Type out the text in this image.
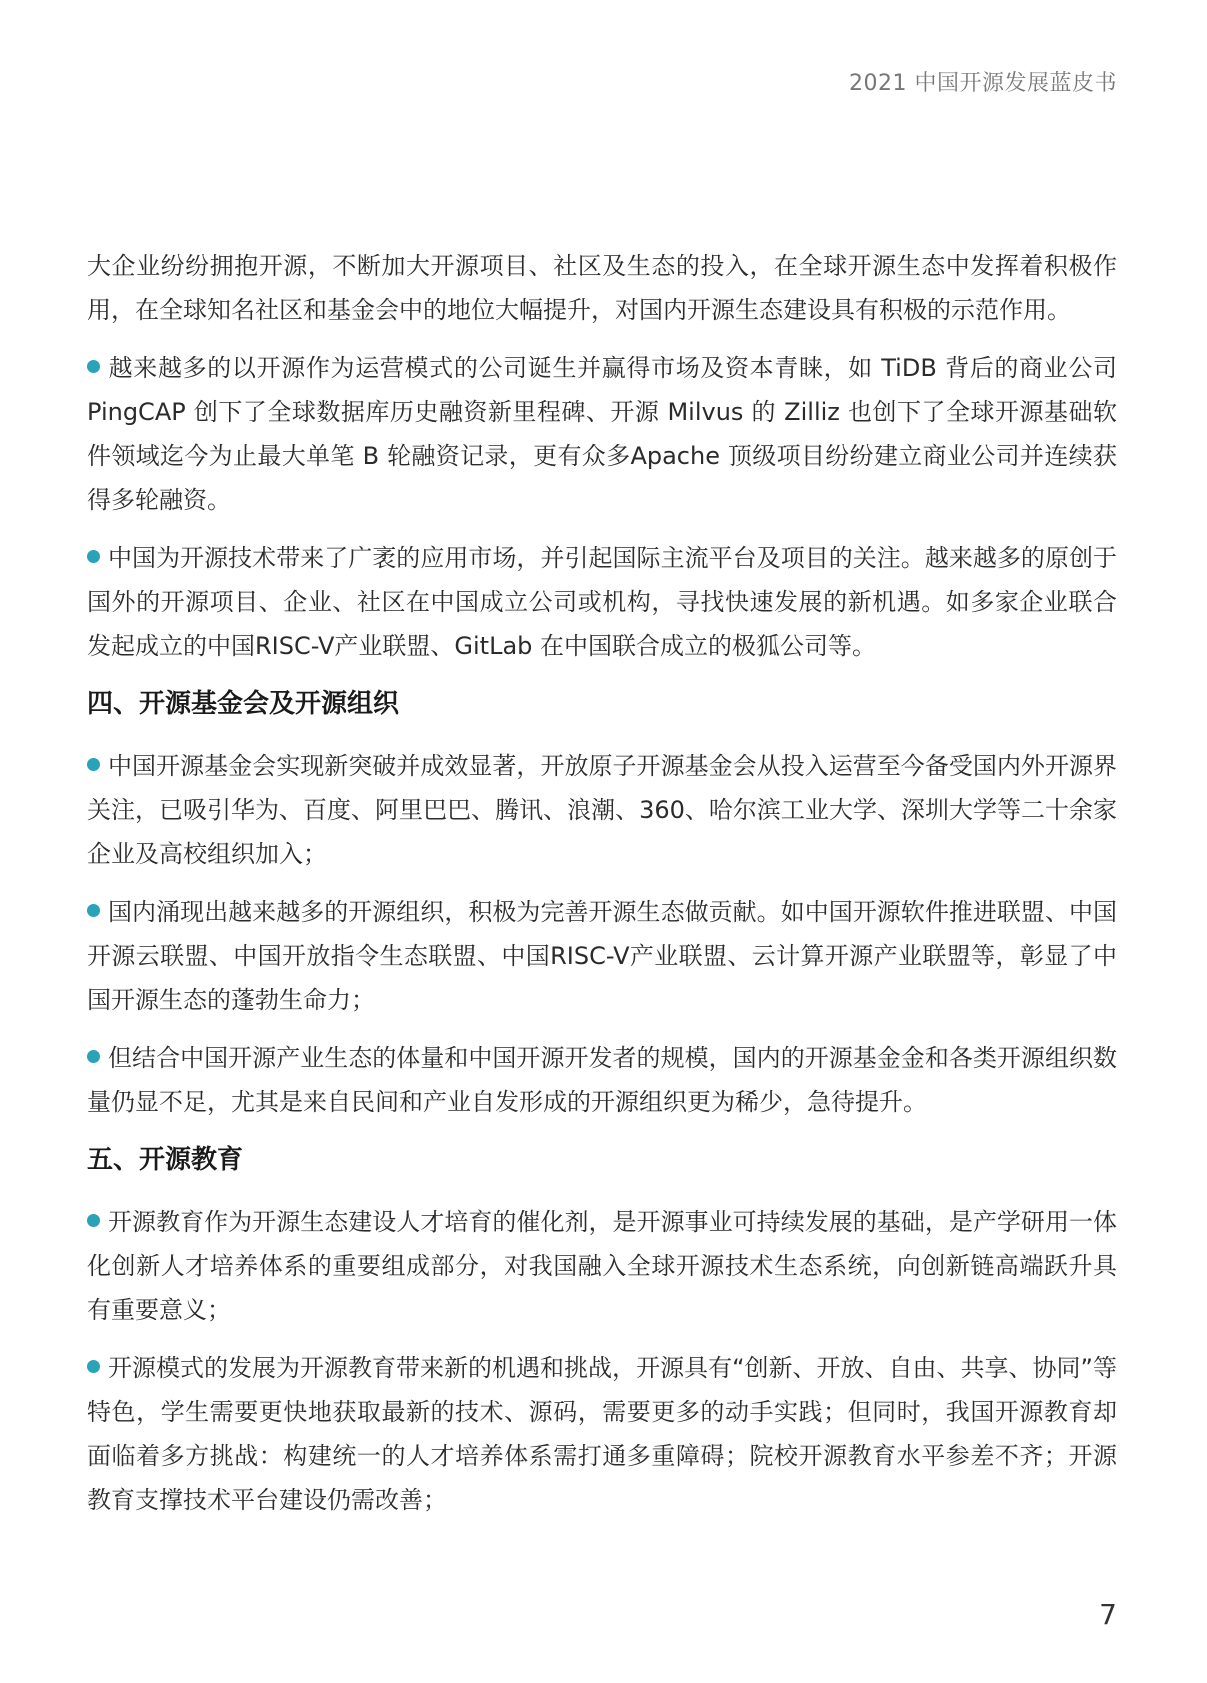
2021 中国开源发展蓝皮书

大企业纷纷拥抱开源，不断加大开源项目、社区及生态的投入，在全球开源生态中发挥着积极作用，在全球知名社区和基金会中的地位大幅提升，对国内开源生态建设具有积极的示范作用。

越来越多的以开源作为运营模式的公司诞生并赢得市场及资本青睐，如 TiDB 背后的商业公司 PingCAP 创下了全球数据库历史融资新里程碑、开源 Milvus 的 Zilliz 也创下了全球开源基础软件领域迄今为止最大单笔 B 轮融资记录，更有众多Apache 顶级项目纷纷建立商业公司并连续获得多轮融资。

中国为开源技术带来了广袤的应用市场，并引起国际主流平台及项目的关注。越来越多的原创于国外的开源项目、企业、社区在中国成立公司或机构，寻找快速发展的新机遇。如多家企业联合发起成立的中国RISC-V产业联盟、GitLab 在中国联合成立的极狐公司等。

四、开源基金会及开源组织

中国开源基金会实现新突破并成效显著，开放原子开源基金会从投入运营至今备受国内外开源界关注，已吸引华为、百度、阿里巴巴、腾讯、浪潮、360、哈尔滨工业大学、深圳大学等二十余家企业及高校组织加入；

国内涌现出越来越多的开源组织，积极为完善开源生态做贡献。如中国开源软件推进联盟、中国开源云联盟、中国开放指令生态联盟、中国RISC-V产业联盟、云计算开源产业联盟等，彰显了中国开源生态的蓬勃生命力；

但结合中国开源产业生态的体量和中国开源开发者的规模，国内的开源基金金和各类开源组织数量仍显不足，尤其是来自民间和产业自发形成的开源组织更为稀少，急待提升。

五、开源教育

开源教育作为开源生态建设人才培育的催化剂，是开源事业可持续发展的基础，是产学研用一体化创新人才培养体系的重要组成部分，对我国融入全球开源技术生态系统，向创新链高端跃升具有重要意义；

开源模式的发展为开源教育带来新的机遇和挑战，开源具有“创新、开放、自由、共享、协同”等特色，学生需要更快地获取最新的技术、源码，需要更多的动手实践；但同时，我国开源教育却面临着多方挑战：构建统一的人才培养体系需打通多重障碍；院校开源教育水平参差不齐；开源教育支撑技术平台建设仍需改善；

7
